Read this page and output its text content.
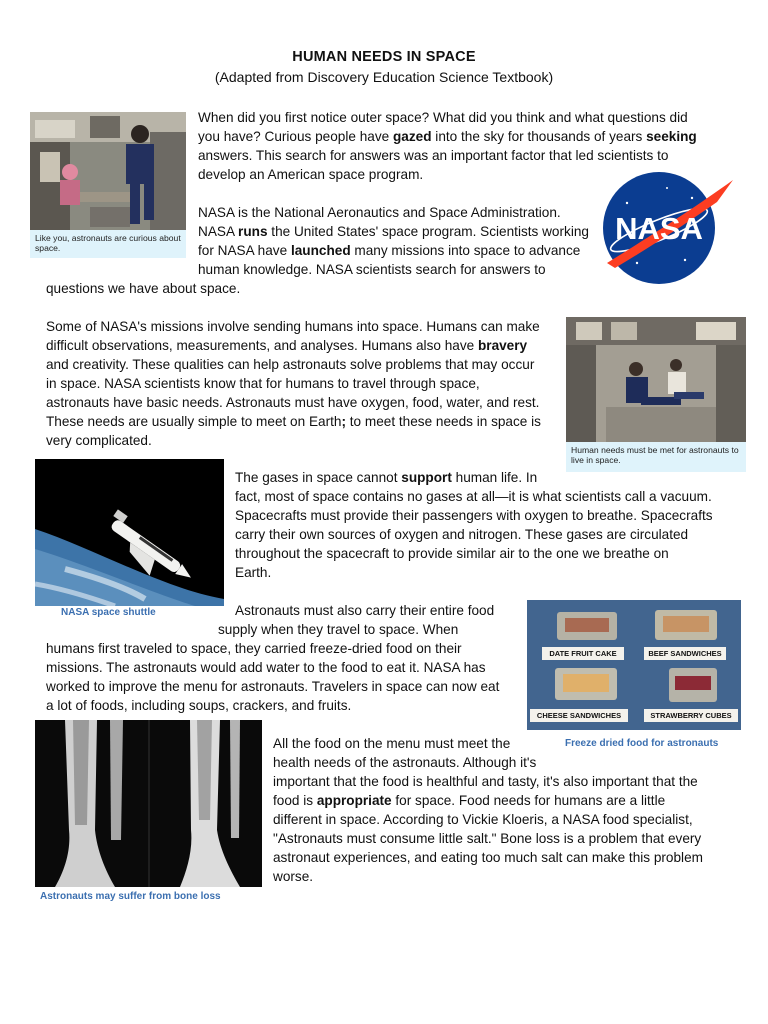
HUMAN NEEDS IN SPACE
(Adapted from Discovery Education Science Textbook)
Like you, astronauts are curious about space.
NASA
Human needs must be met for astronauts to live in space.
NASA space shuttle
DATE FRUIT CAKE	BEEF SANDWICHES
CHEESE SANDWICHES	STRAWBERRY CUBES
Freeze dried food for astronauts
Astronauts may suffer from bone loss
When did you first notice outer space? What did you think and what questions did
you have? Curious people have gazed into the sky for thousands of years seeking
answers. This search for answers was an important factor that led scientists to
develop an American space program.
NASA is the National Aeronautics and Space Administration.
NASA runs the United States' space program. Scientists working
for NASA have launched many missions into space to advance
human knowledge. NASA scientists search for answers to
questions we have about space.
Some of NASA's missions involve sending humans into space. Humans can make
difficult observations, measurements, and analyses. Humans also have bravery
and creativity. These qualities can help astronauts solve problems that may occur
in space. NASA scientists know that for humans to travel through space,
astronauts have basic needs. Astronauts must have oxygen, food, water, and rest.
These needs are usually simple to meet on Earth; to meet these needs in space is
very complicated.
The gases in space cannot support human life. In
fact, most of space contains no gases at all—it is what scientists call a vacuum.
Spacecrafts must provide their passengers with oxygen to breathe. Spacecrafts
carry their own sources of oxygen and nitrogen. These gases are circulated
throughout the spacecraft to provide similar air to the one we breathe on
Earth.
Astronauts must also carry their entire food
supply when they travel to space. When
humans first traveled to space, they carried freeze-dried food on their
missions. The astronauts would add water to the food to eat it. NASA has
worked to improve the menu for astronauts. Travelers in space can now eat
a lot of foods, including soups, crackers, and fruits.
All the food on the menu must meet the
health needs of the astronauts. Although it's
important that the food is healthful and tasty, it's also important that the
food is appropriate for space. Food needs for humans are a little
different in space. According to Vickie Kloeris, a NASA food specialist,
"Astronauts must consume little salt." Bone loss is a problem that every
astronaut experiences, and eating too much salt can make this problem
worse.
